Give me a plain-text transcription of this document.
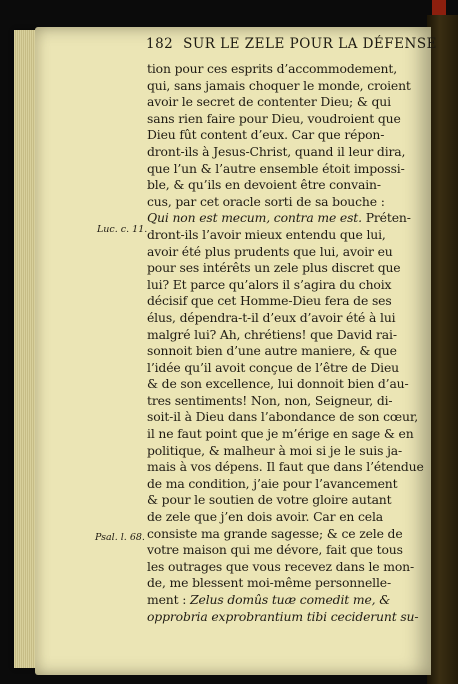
182 SUR LE ZELE POUR LA DÉFENSE
Luc. c. 11.
Psal. l. 68.
tion pour ces esprits d’accommodement,
qui, sans jamais choquer le monde, croient
avoir le secret de contenter Dieu; & qui
sans rien faire pour Dieu, voudroient que
Dieu fût content d’eux. Car que répon-
dront-ils à Jesus-Christ, quand il leur dira,
que l’un & l’autre ensemble étoit impossi-
ble, & qu’ils en devoient être convain-
cus, par cet oracle sorti de sa bouche :
Qui non est mecum, contra me est. Préten-
dront-ils l’avoir mieux entendu que lui,
avoir été plus prudents que lui, avoir eu
pour ses intérêts un zele plus discret que
lui? Et parce qu’alors il s’agira du choix
décisif que cet Homme-Dieu fera de ses
élus, dépendra-t-il d’eux d’avoir été à lui
malgré lui? Ah, chrétiens! que David rai-
sonnoit bien d’une autre maniere, & que
l’idée qu’il avoit conçue de l’être de Dieu
& de son excellence, lui donnoit bien d’au-
tres sentiments! Non, non, Seigneur, di-
soit-il à Dieu dans l’abondance de son cœur,
il ne faut point que je m’érige en sage & en
politique, & malheur à moi si je le suis ja-
mais à vos dépens. Il faut que dans l’étendue
de ma condition, j’aie pour l’avancement
& pour le soutien de votre gloire autant
de zele que j’en dois avoir. Car en cela
consiste ma grande sagesse; & ce zele de
votre maison qui me dévore, fait que tous
les outrages que vous recevez dans le mon-
de, me blessent moi-même personnelle-
ment : Zelus domûs tuæ comedit me, &
opprobria exprobrantium tibi ceciderunt su-
